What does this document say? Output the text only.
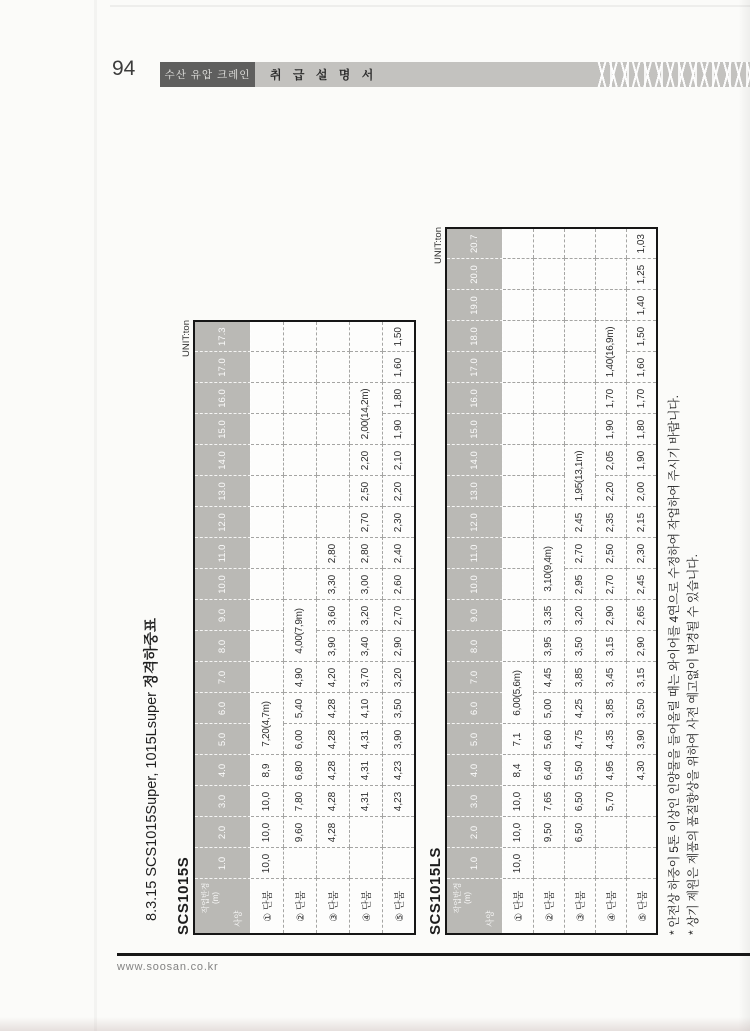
94	수산 유압 크레인	취 급 설 명 서
8.3.15 SCS1015Super, 1015Lsuper 정격하중표
SCS1015S
UNIT:ton
작업반경
(m)
사양	1.0	2.0	3.0	4.0	5.0	6.0	7.0	8.0	9.0	10.0	11.0	12.0	13.0	14.0	15.0	16.0	17.0	17.3
① 단붐	10,0	10,0	10,0	8,9	7,20(4,7m)													
② 단붐		9,60	7,80	6,80	6,00	5,40	4,90	4,00(7,9m)										
③ 단붐		4,28	4,28	4,28	4,28	4,28	4,20	3,90	3,60	3,30	2,80							
④ 단붐			4,31	4,31	4,31	4,10	3,70	3,40	3,20	3,00	2,80	2,70	2,50	2,20	2,00(14,2m)			
⑤ 단붐			4,23	4,23	3,90	3,50	3,20	2,90	2,70	2,60	2,40	2,30	2,20	2,10	1,90	1,80	1,60	1,50
SCS1015LS
UNIT:ton
작업반경
(m)
사양	1.0	2.0	3.0	4.0	5.0	6.0	7.0	8.0	9.0	10.0	11.0	12.0	13.0	14.0	15.0	16.0	17.0	18.0	19.0	20.0	20.7
① 단붐	10,0	10,0	10,0	8,4	7,1	6,00(5,6m)															
② 단붐		9,50	7,65	6,40	5,60	5,00	4,45	3,95	3,35	3,10(9,4m)											
③ 단붐		6,50	6,50	5,50	4,75	4,25	3,85	3,50	3,20	2,95	2,70	2,45	1,95(13,1m)								
④ 단붐			5,70	4,95	4,35	3,85	3,45	3,15	2,90	2,70	2,50	2,35	2,20	2,05	1,90	1,70	1,40(16,9m)				
⑤ 단붐				4,30	3,90	3,50	3,15	2,90	2,65	2,45	2,30	2,15	2,00	1,90	1,80	1,70	1,60	1,50	1,40	1,25	1,03
* 안전상 하중이 5톤 이상인 인양물을 들어올릴 때는 와이어를 4연으로 수정하여 작업하여 주시기 바랍니다. * 상기 제원은 제품의 품질향상을 위하여 사전 예고없이 변경될 수 있습니다.
www.soosan.co.kr
